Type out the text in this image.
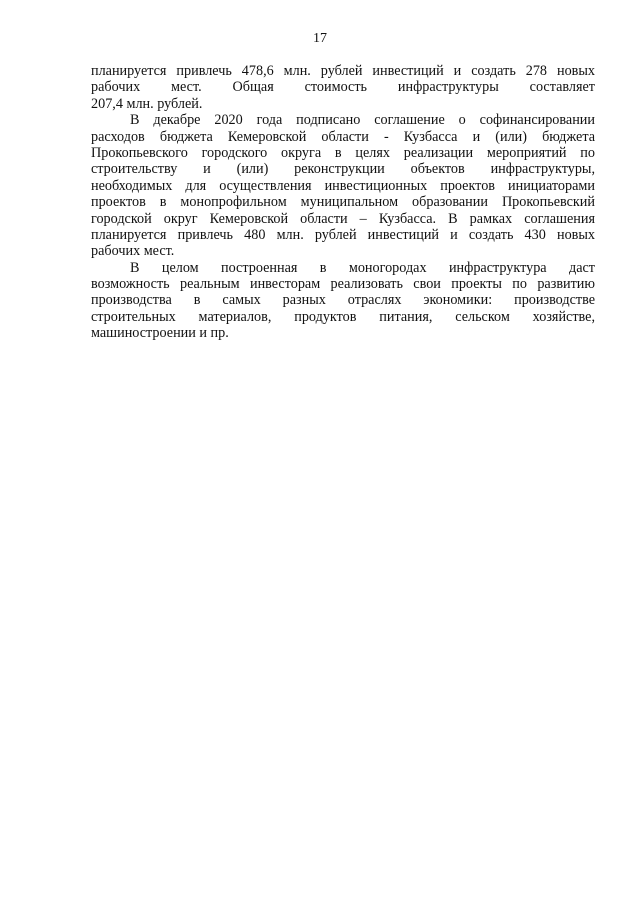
17
планируется привлечь 478,6 млн. рублей инвестиций и создать 278 новых
рабочих мест. Общая стоимость инфраструктуры составляет
207,4 млн. рублей.
В декабре 2020 года подписано соглашение о софинансировании
расходов бюджета Кемеровской области - Кузбасса и (или) бюджета
Прокопьевского городского округа в целях реализации мероприятий по
строительству и (или) реконструкции объектов инфраструктуры,
необходимых для осуществления инвестиционных проектов инициаторами
проектов в монопрофильном муниципальном образовании Прокопьевский
городской округ Кемеровской области – Кузбасса. В рамках соглашения
планируется привлечь 480 млн. рублей инвестиций и создать 430 новых
рабочих мест.
В целом построенная в моногородах инфраструктура даст
возможность реальным инвесторам реализовать свои проекты по развитию
производства в самых разных отраслях экономики: производстве
строительных материалов, продуктов питания, сельском хозяйстве,
машиностроении и пр.
